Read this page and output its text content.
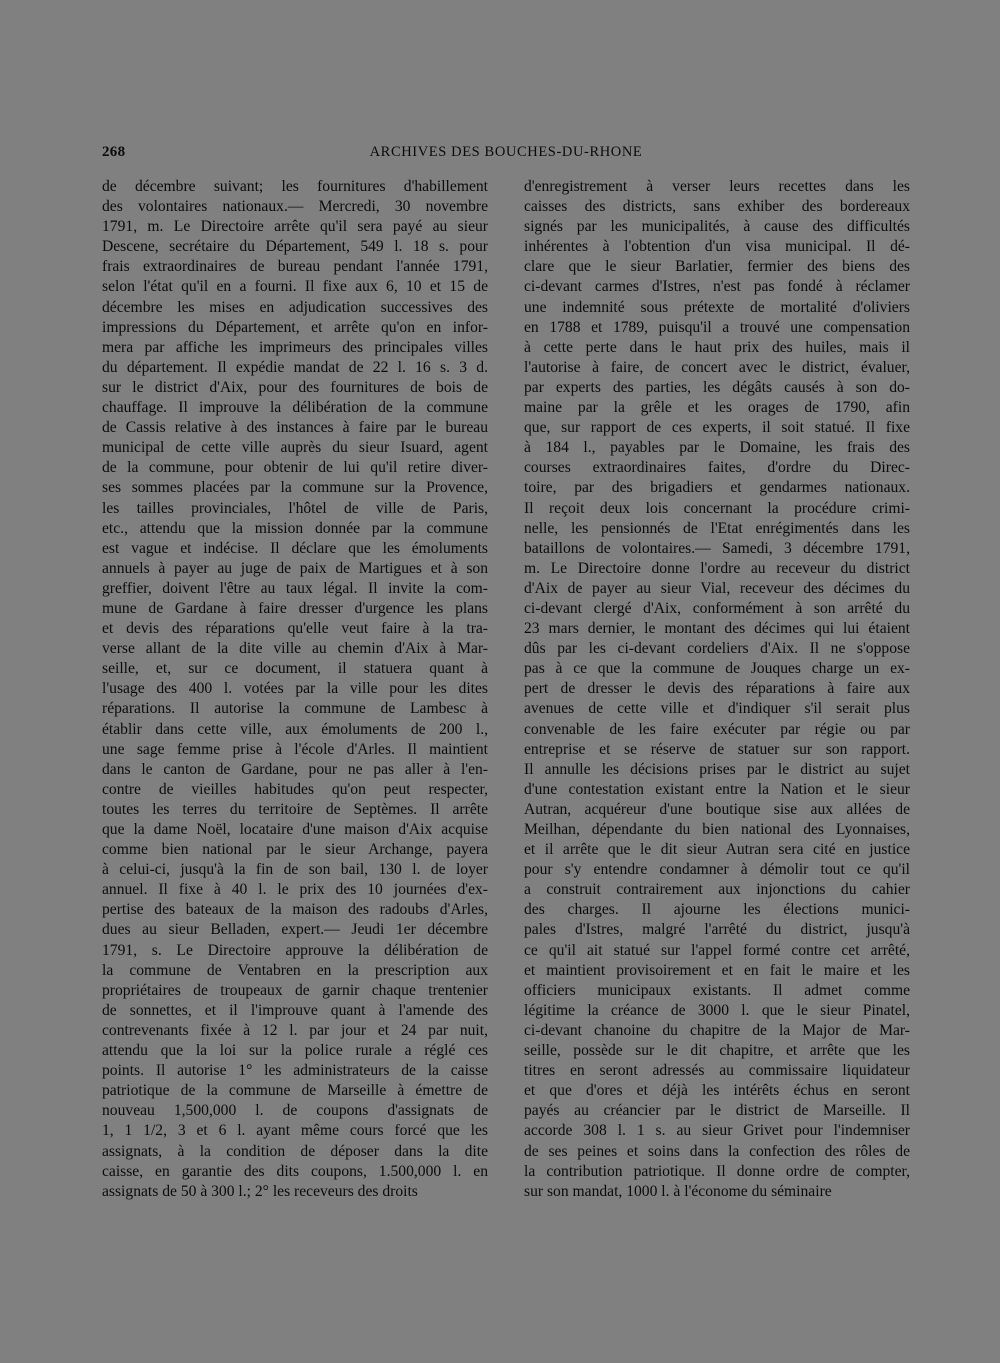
268	ARCHIVES DES BOUCHES-DU-RHONE
de décembre suivant; les fournitures d'habillement
des volontaires nationaux.— Mercredi, 30 novembre
1791, m. Le Directoire arrête qu'il sera payé au sieur
Descene, secrétaire du Département, 549 l. 18 s. pour
frais extraordinaires de bureau pendant l'année 1791,
selon l'état qu'il en a fourni. Il fixe aux 6, 10 et 15 de
décembre les mises en adjudication successives des
impressions du Département, et arrête qu'on en infor-
mera par affiche les imprimeurs des principales villes
du département. Il expédie mandat de 22 l. 16 s. 3 d.
sur le district d'Aix, pour des fournitures de bois de
chauffage. Il improuve la délibération de la commune
de Cassis relative à des instances à faire par le bureau
municipal de cette ville auprès du sieur Isuard, agent
de la commune, pour obtenir de lui qu'il retire diver-
ses sommes placées par la commune sur la Provence,
les tailles provinciales, l'hôtel de ville de Paris,
etc., attendu que la mission donnée par la commune
est vague et indécise. Il déclare que les émoluments
annuels à payer au juge de paix de Martigues et à son
greffier, doivent l'être au taux légal. Il invite la com-
mune de Gardane à faire dresser d'urgence les plans
et devis des réparations qu'elle veut faire à la tra-
verse allant de la dite ville au chemin d'Aix à Mar-
seille, et, sur ce document, il statuera quant à
l'usage des 400 l. votées par la ville pour les dites
réparations. Il autorise la commune de Lambesc à
établir dans cette ville, aux émoluments de 200 l.,
une sage femme prise à l'école d'Arles. Il maintient
dans le canton de Gardane, pour ne pas aller à l'en-
contre de vieilles habitudes qu'on peut respecter,
toutes les terres du territoire de Septèmes. Il arrête
que la dame Noël, locataire d'une maison d'Aix acquise
comme bien national par le sieur Archange, payera
à celui-ci, jusqu'à la fin de son bail, 130 l. de loyer
annuel. Il fixe à 40 l. le prix des 10 journées d'ex-
pertise des bateaux de la maison des radoubs d'Arles,
dues au sieur Belladen, expert.— Jeudi 1er décembre
1791, s. Le Directoire approuve la délibération de
la commune de Ventabren en la prescription aux
propriétaires de troupeaux de garnir chaque trentenier
de sonnettes, et il l'improuve quant à l'amende des
contrevenants fixée à 12 l. par jour et 24 par nuit,
attendu que la loi sur la police rurale a réglé ces
points. Il autorise 1° les administrateurs de la caisse
patriotique de la commune de Marseille à émettre de
nouveau 1,500,000 l. de coupons d'assignats de
1, 1 1/2, 3 et 6 l. ayant même cours forcé que les
assignats, à la condition de déposer dans la dite
caisse, en garantie des dits coupons, 1.500,000 l. en
assignats de 50 à 300 l.; 2° les receveurs des droits
d'enregistrement à verser leurs recettes dans les
caisses des districts, sans exhiber des bordereaux
signés par les municipalités, à cause des difficultés
inhérentes à l'obtention d'un visa municipal. Il dé-
clare que le sieur Barlatier, fermier des biens des
ci-devant carmes d'Istres, n'est pas fondé à réclamer
une indemnité sous prétexte de mortalité d'oliviers
en 1788 et 1789, puisqu'il a trouvé une compensation
à cette perte dans le haut prix des huiles, mais il
l'autorise à faire, de concert avec le district, évaluer,
par experts des parties, les dégâts causés à son do-
maine par la grêle et les orages de 1790, afin
que, sur rapport de ces experts, il soit statué. Il fixe
à 184 l., payables par le Domaine, les frais des
courses extraordinaires faites, d'ordre du Direc-
toire, par des brigadiers et gendarmes nationaux.
Il reçoit deux lois concernant la procédure crimi-
nelle, les pensionnés de l'Etat enrégimentés dans les
bataillons de volontaires.— Samedi, 3 décembre 1791,
m. Le Directoire donne l'ordre au receveur du district
d'Aix de payer au sieur Vial, receveur des décimes du
ci-devant clergé d'Aix, conformément à son arrêté du
23 mars dernier, le montant des décimes qui lui étaient
dûs par les ci-devant cordeliers d'Aix. Il ne s'oppose
pas à ce que la commune de Jouques charge un ex-
pert de dresser le devis des réparations à faire aux
avenues de cette ville et d'indiquer s'il serait plus
convenable de les faire exécuter par régie ou par
entreprise et se réserve de statuer sur son rapport.
Il annulle les décisions prises par le district au sujet
d'une contestation existant entre la Nation et le sieur
Autran, acquéreur d'une boutique sise aux allées de
Meilhan, dépendante du bien national des Lyonnaises,
et il arrête que le dit sieur Autran sera cité en justice
pour s'y entendre condamner à démolir tout ce qu'il
a construit contrairement aux injonctions du cahier
des charges. Il ajourne les élections munici-
pales d'Istres, malgré l'arrêté du district, jusqu'à
ce qu'il ait statué sur l'appel formé contre cet arrêté,
et maintient provisoirement et en fait le maire et les
officiers municipaux existants. Il admet comme
légitime la créance de 3000 l. que le sieur Pinatel,
ci-devant chanoine du chapitre de la Major de Mar-
seille, possède sur le dit chapitre, et arrête que les
titres en seront adressés au commissaire liquidateur
et que d'ores et déjà les intérêts échus en seront
payés au créancier par le district de Marseille. Il
accorde 308 l. 1 s. au sieur Grivet pour l'indemniser
de ses peines et soins dans la confection des rôles de
la contribution patriotique. Il donne ordre de compter,
sur son mandat, 1000 l. à l'économe du séminaire
